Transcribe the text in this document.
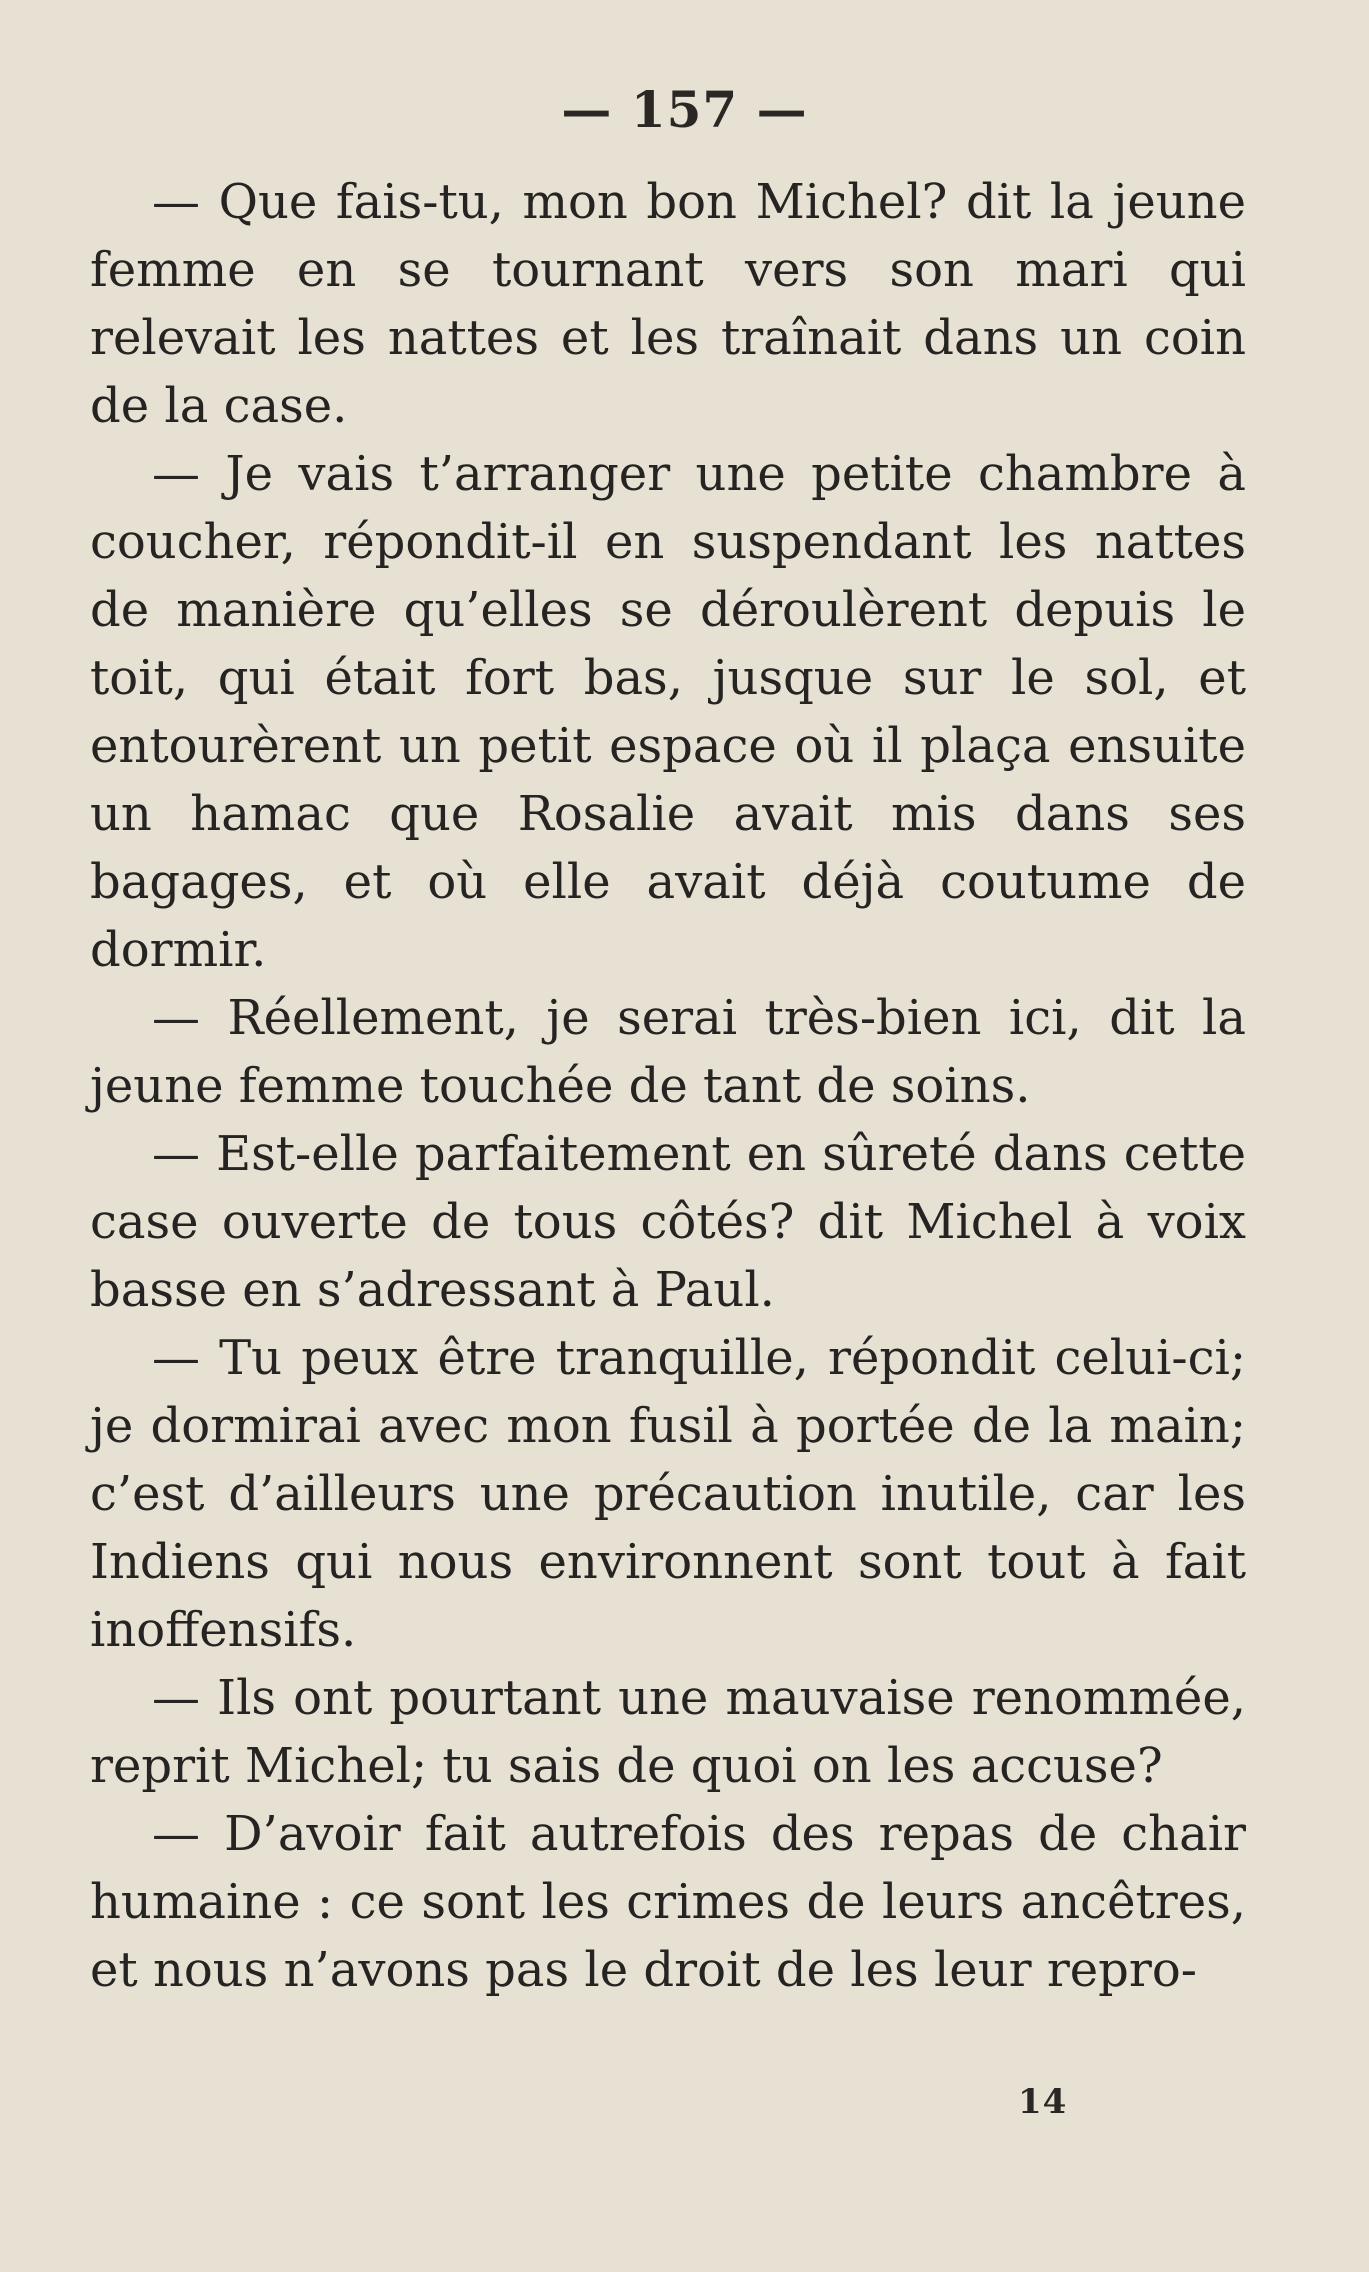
— 157 —

— Que fais-tu, mon bon Michel? dit la jeune femme en se tournant vers son mari qui relevait les nattes et les traînait dans un coin de la case.

— Je vais t’arranger une petite chambre à coucher, répondit-il en suspendant les nattes de manière qu’elles se déroulèrent depuis le toit, qui était fort bas, jusque sur le sol, et entourèrent un petit espace où il plaça ensuite un hamac que Rosalie avait mis dans ses bagages, et où elle avait déjà coutume de dormir.

— Réellement, je serai très-bien ici, dit la jeune femme touchée de tant de soins.

— Est-elle parfaitement en sûreté dans cette case ouverte de tous côtés? dit Michel à voix basse en s’adressant à Paul.

— Tu peux être tranquille, répondit celui-ci; je dormirai avec mon fusil à portée de la main; c’est d’ailleurs une précaution inutile, car les Indiens qui nous environnent sont tout à fait inoffensifs.

— Ils ont pourtant une mauvaise renommée, reprit Michel; tu sais de quoi on les accuse?

— D’avoir fait autrefois des repas de chair humaine : ce sont les crimes de leurs ancêtres, et nous n’avons pas le droit de les leur repro-

14
